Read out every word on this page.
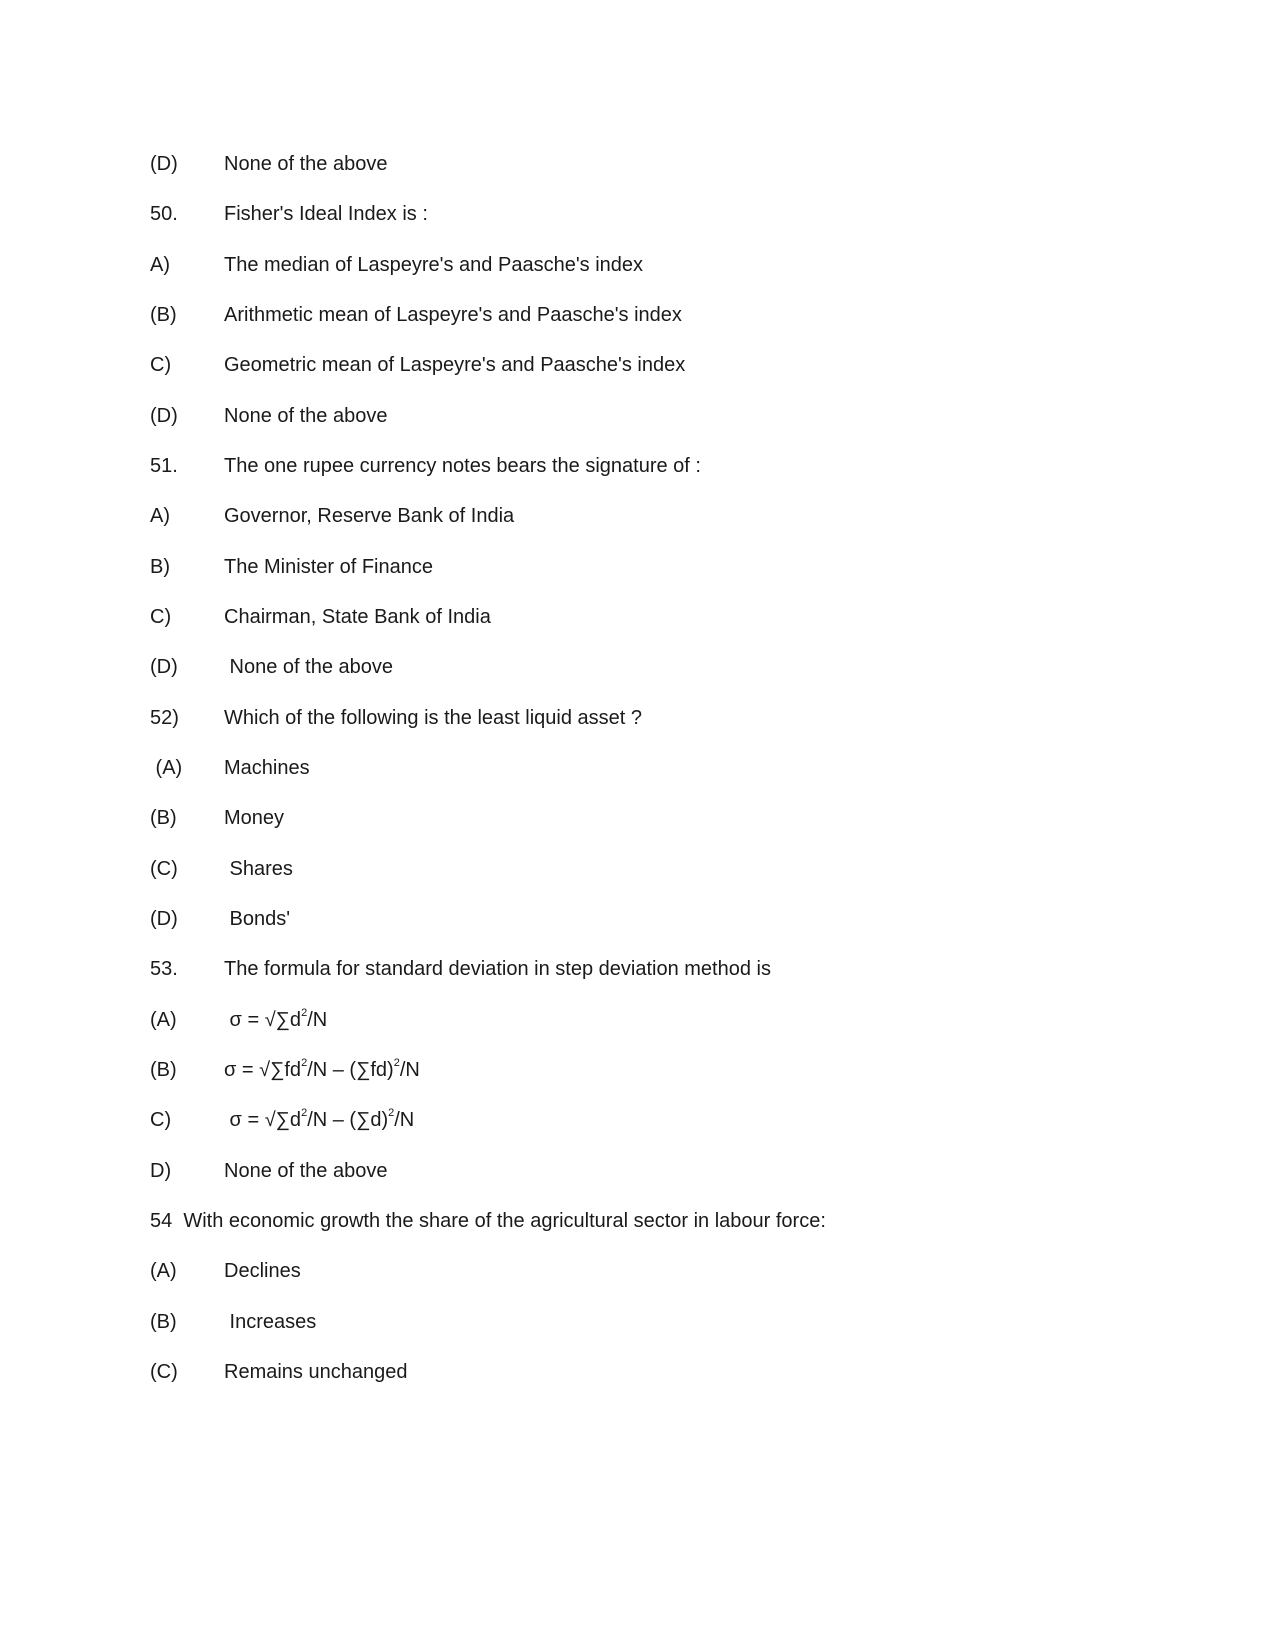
(D) None of the above
50. Fisher's Ideal Index is :
A)	The median of Laspeyre's and Paasche's index
(B) Arithmetic mean of Laspeyre's and Paasche's index
C)	Geometric mean of Laspeyre's and Paasche's index
(D) None of the above
51. The one rupee currency notes bears the signature of :
A)	Governor, Reserve Bank of India
B)	The Minister of Finance
C)	Chairman, State Bank of India
(D) None of the above
52) Which of the following is the least liquid asset ?
(A) Machines
(B) Money
(C) Shares
(D) Bonds'
53. The formula for standard deviation in step deviation method is
(A) $\sigma = √\sum d^2/N$
(B) $\sigma = √\sum fd^2/N - (\sum fd)^2/N$
C)	$\sigma = √\sum d^2/N - (\sum d)^2/N$
D)	None of the above
54  With economic growth the share of the agricultural sector in labour force:
(A) Declines
(B) Increases
(C) Remains unchanged
